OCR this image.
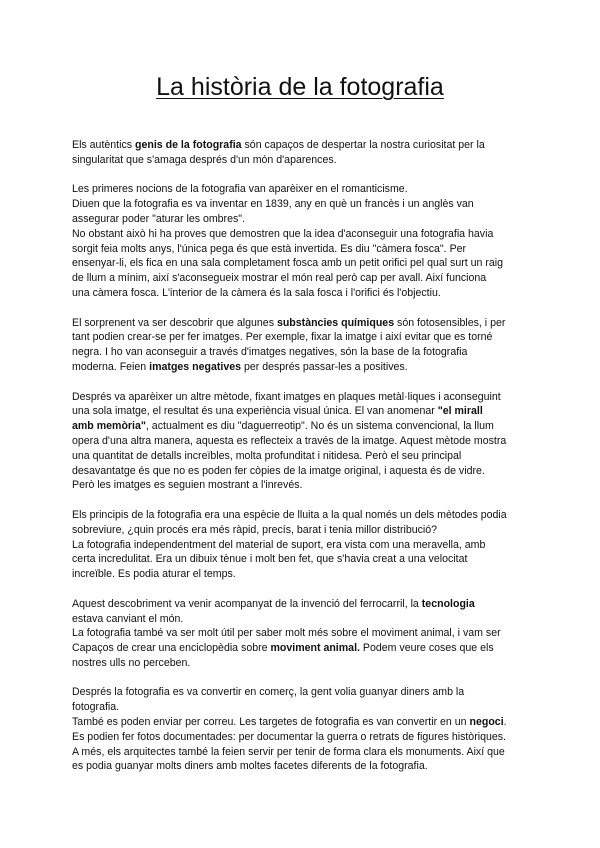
La història de la fotografia

Els autèntics genis de la fotografia són capaços de despertar la nostra curiositat per la
singularitat que s'amaga després d'un món d'aparences.

Les primeres nocions de la fotografia van aparèixer en el romanticisme.
Diuen que la fotografia es va inventar en 1839, any en què un francès i un anglès van
assegurar poder "aturar les ombres".
No obstant això hi ha proves que demostren que la idea d'aconseguir una fotografia havia
sorgit feia molts anys, l'única pega és que està invertida. Es diu "càmera fosca". Per
ensenyar-li, els fica en una sala completament fosca amb un petit orifici pel qual surt un raig
de llum a mínim, així s'aconsegueix mostrar el món real però cap per avall. Així funciona
una càmera fosca. L'interior de la càmera és la sala fosca i l'orifici és l'objectiu.

El sorprenent va ser descobrir que algunes substàncies químiques són fotosensibles, i per
tant podien crear-se per fer imatges. Per exemple, fixar la imatge i així evitar que es torné
negra. I ho van aconseguir a través d'imatges negatives, són la base de la fotografia
moderna. Feien imatges negatives per després passar-les a positives.

Després va aparèixer un altre mètode, fixant imatges en plaques metàl·liques i aconseguint
una sola imatge, el resultat és una experiència visual única. El van anomenar "el mirall
amb memòria", actualment es diu "daguerreotip". No és un sistema convencional, la llum
opera d'una altra manera, aquesta es reflecteix a través de la imatge. Aquest mètode mostra
una quantitat de detalls increïbles, molta profunditat i nitidesa. Però el seu principal
desavantatge és que no es poden fer còpies de la imatge original, i aquesta és de vidre.
Però les imatges es seguien mostrant a l'inrevés.

Els principis de la fotografia era una espècie de lluita a la qual només un dels mètodes podia
sobreviure, ¿quin procés era més ràpid, precís, barat i tenia millor distribució?
La fotografia independentment del material de suport, era vista com una meravella, amb
certa incredulitat. Era un dibuix tènue i molt ben fet, que s'havia creat a una velocitat
increïble. Es podia aturar el temps.

Aquest descobriment va venir acompanyat de la invenció del ferrocarril, la tecnologia
estava canviant el món.
La fotografia també va ser molt útil per saber molt més sobre el moviment animal, i vam ser
Capaços de crear una enciclopèdia sobre moviment animal. Podem veure coses que els
nostres ulls no perceben.

Després la fotografia es va convertir en comerç, la gent volia guanyar diners amb la
fotografia.
També es poden enviar per correu. Les targetes de fotografia es van convertir en un negoci.
Es podien fer fotos documentades: per documentar la guerra o retrats de figures històriques.
A més, els arquitectes també la feien servir per tenir de forma clara els monuments. Així que
es podia guanyar molts diners amb moltes facetes diferents de la fotografia.
